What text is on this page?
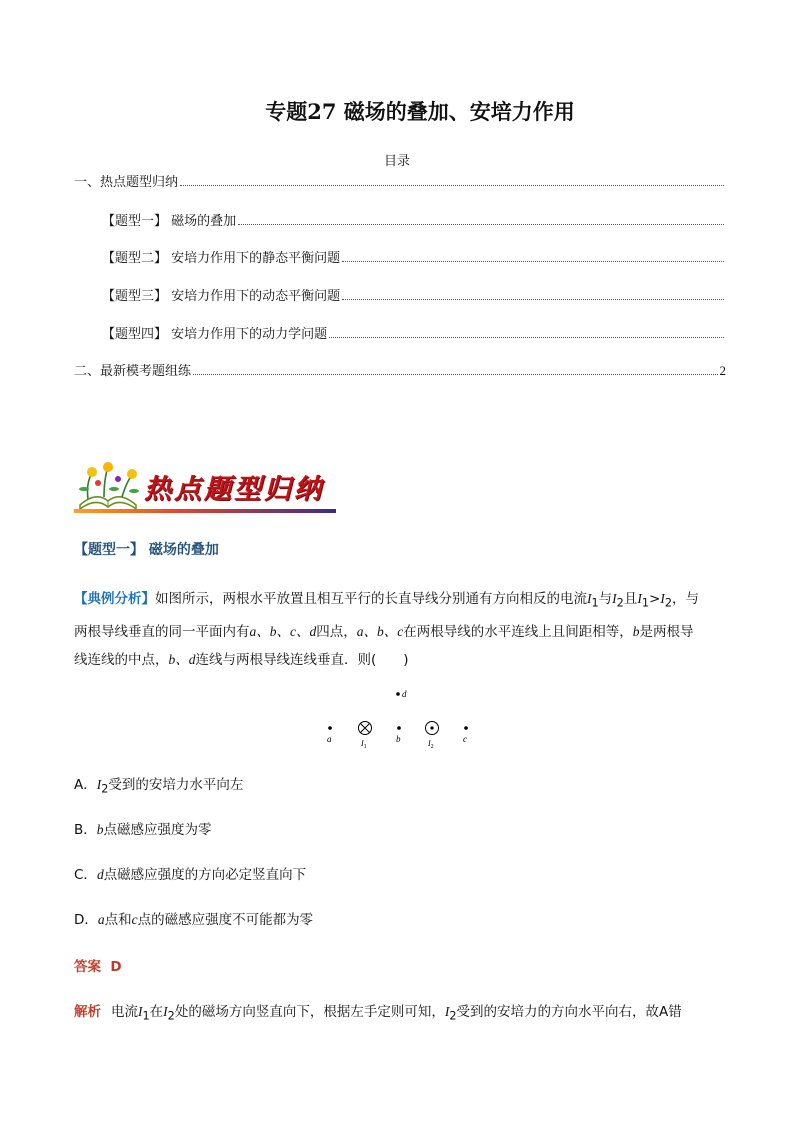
专题27 磁场的叠加、安培力作用
目录
一、热点题型归纳
【题型一】 磁场的叠加
【题型二】 安培力作用下的静态平衡问题
【题型三】 安培力作用下的动态平衡问题
【题型四】 安培力作用下的动力学问题
二、最新模考题组练	2
热点题型归纳
【题型一】 磁场的叠加
【典例分析】如图所示，两根水平放置且相互平行的长直导线分别通有方向相反的电流$I_1$与$I_2$且$I_1>I_2$，与
两根导线垂直的同一平面内有a、b、c、d四点，a、b、c在两根导线的水平连线上且间距相等，b是两根导
线连线的中点，b、d连线与两根导线连线垂直．则(　　)
d
a	$I_1$
b	$I_2$
c
A．$I_2$受到的安培力水平向左
B．b点磁感应强度为零
C．d点磁感应强度的方向必定竖直向下
D．a点和c点的磁感应强度不可能都为零
答案 D
解析 电流$I_1$在$I_2$处的磁场方向竖直向下，根据左手定则可知，$I_2$受到的安培力的方向水平向右，故A错
